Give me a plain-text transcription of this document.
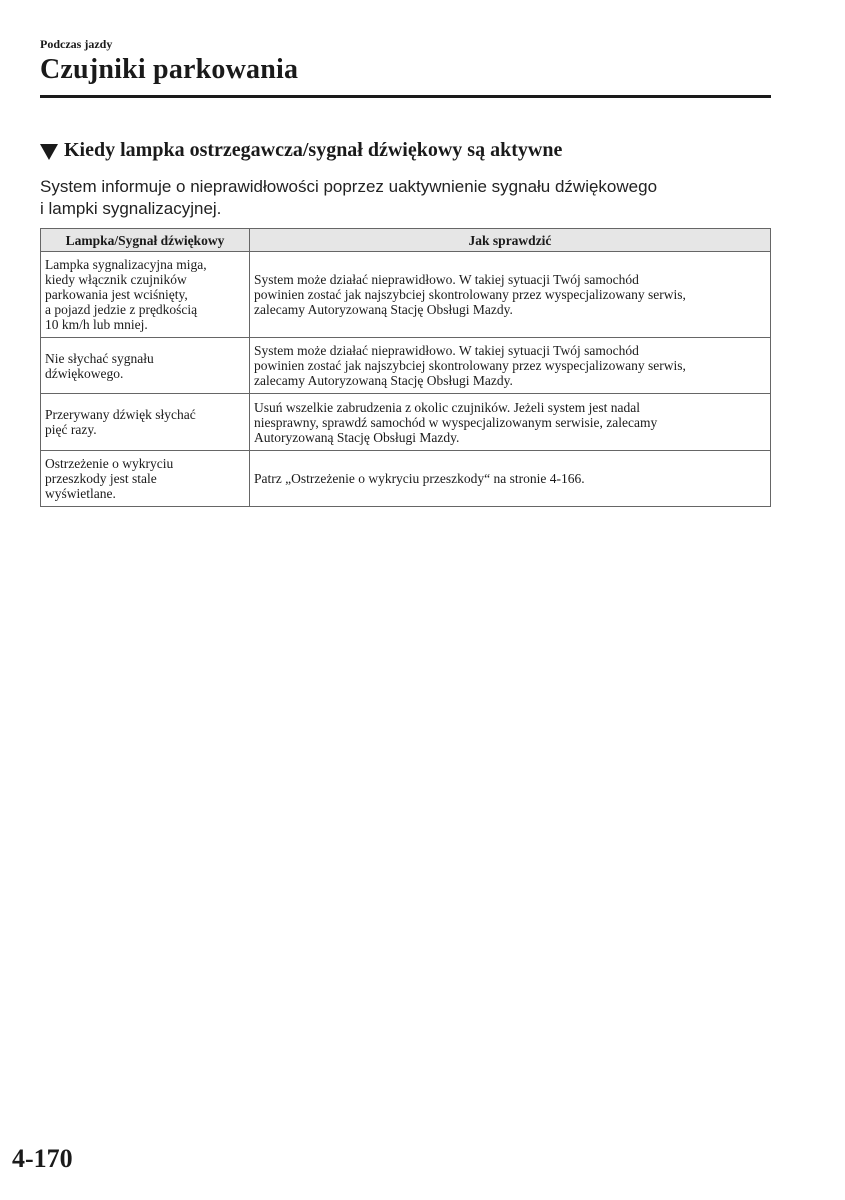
Podczas jazdy
Czujniki parkowania
Kiedy lampka ostrzegawcza/sygnał dźwiękowy są aktywne

System informuje o nieprawidłowości poprzez uaktywnienie sygnału dźwiękowego
i lampki sygnalizacyjnej.

Lampka/Sygnał dźwiękowy	Jak sprawdzić
Lampka sygnalizacyjna miga,
kiedy włącznik czujników
parkowania jest wciśnięty,
a pojazd jedzie z prędkością
10 km/h lub mniej.	System może działać nieprawidłowo. W takiej sytuacji Twój samochód
powinien zostać jak najszybciej skontrolowany przez wyspecjalizowany serwis,
zalecamy Autoryzowaną Stację Obsługi Mazdy.
Nie słychać sygnału
dźwiękowego.	System może działać nieprawidłowo. W takiej sytuacji Twój samochód
powinien zostać jak najszybciej skontrolowany przez wyspecjalizowany serwis,
zalecamy Autoryzowaną Stację Obsługi Mazdy.
Przerywany dźwięk słychać
pięć razy.	Usuń wszelkie zabrudzenia z okolic czujników. Jeżeli system jest nadal
niesprawny, sprawdź samochód w wyspecjalizowanym serwisie, zalecamy
Autoryzowaną Stację Obsługi Mazdy.
Ostrzeżenie o wykryciu
przeszkody jest stale
wyświetlane.	Patrz „Ostrzeżenie o wykryciu przeszkody“ na stronie 4-166.
4-170
